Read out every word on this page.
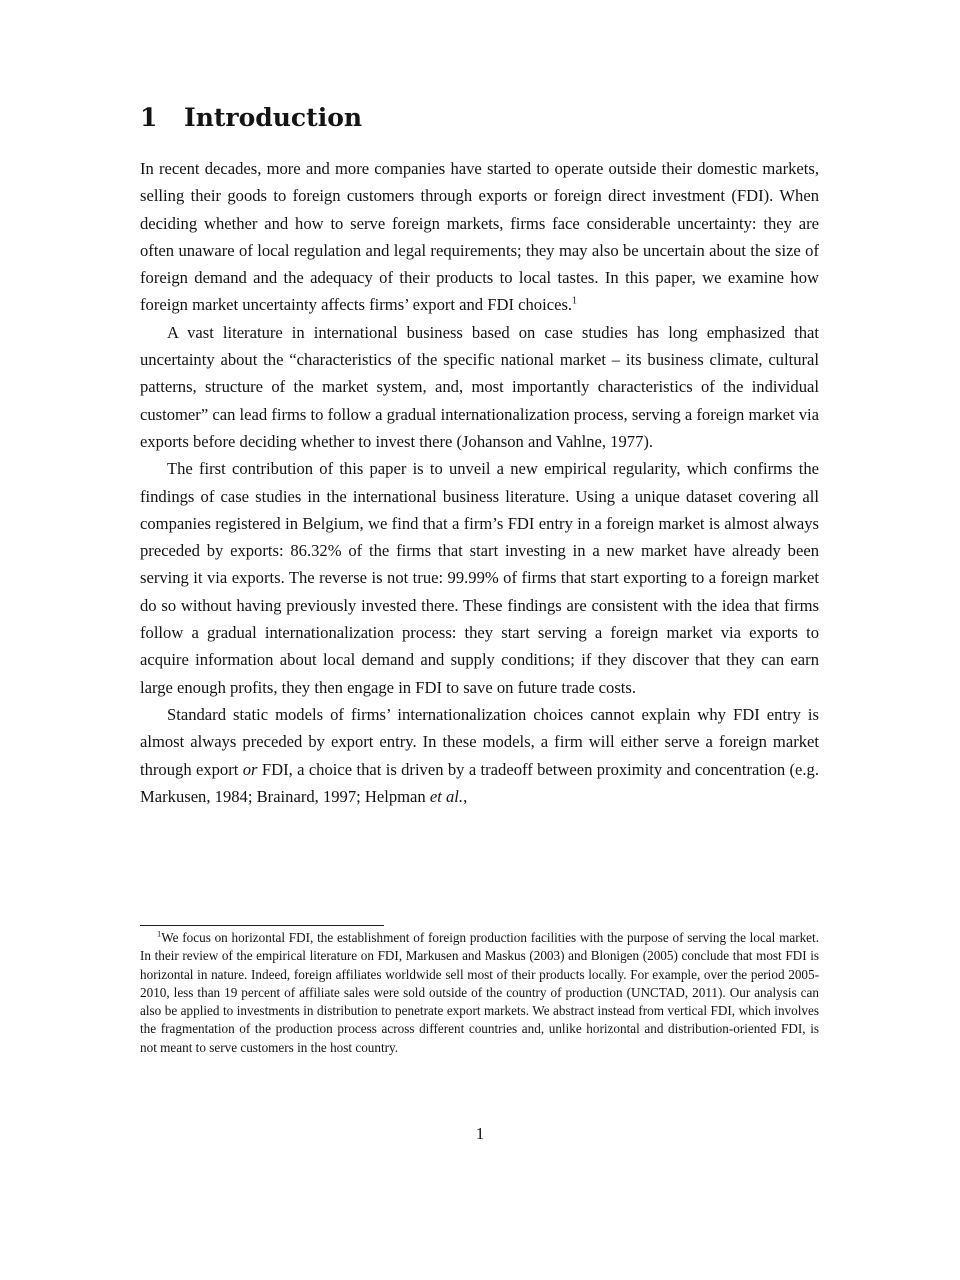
1 Introduction

In recent decades, more and more companies have started to operate outside their domestic markets, selling their goods to foreign customers through exports or foreign direct investment (FDI). When deciding whether and how to serve foreign markets, firms face considerable uncertainty: they are often unaware of local regulation and legal requirements; they may also be uncertain about the size of foreign demand and the adequacy of their products to local tastes. In this paper, we examine how foreign market uncertainty affects firms’ export and FDI choices.$^1$

A vast literature in international business based on case studies has long emphasized that uncertainty about the “characteristics of the specific national market – its business climate, cultural patterns, structure of the market system, and, most importantly characteristics of the individual customer” can lead firms to follow a gradual internationalization process, serving a foreign market via exports before deciding whether to invest there (Johanson and Vahlne, 1977).

The first contribution of this paper is to unveil a new empirical regularity, which confirms the findings of case studies in the international business literature. Using a unique dataset covering all companies registered in Belgium, we find that a firm’s FDI entry in a foreign market is almost always preceded by exports: 86.32% of the firms that start investing in a new market have already been serving it via exports. The reverse is not true: 99.99% of firms that start exporting to a foreign market do so without having previously invested there. These findings are consistent with the idea that firms follow a gradual internationalization process: they start serving a foreign market via exports to acquire information about local demand and supply conditions; if they discover that they can earn large enough profits, they then engage in FDI to save on future trade costs.

Standard static models of firms’ internationalization choices cannot explain why FDI entry is almost always preceded by export entry. In these models, a firm will either serve a foreign market through export or FDI, a choice that is driven by a tradeoff between proximity and concentration (e.g. Markusen, 1984; Brainard, 1997; Helpman et al.,

$^1$We focus on horizontal FDI, the establishment of foreign production facilities with the purpose of serving the local market. In their review of the empirical literature on FDI, Markusen and Maskus (2003) and Blonigen (2005) conclude that most FDI is horizontal in nature. Indeed, foreign affiliates worldwide sell most of their products locally. For example, over the period 2005-2010, less than 19 percent of affiliate sales were sold outside of the country of production (UNCTAD, 2011). Our analysis can also be applied to investments in distribution to penetrate export markets. We abstract instead from vertical FDI, which involves the fragmentation of the production process across different countries and, unlike horizontal and distribution-oriented FDI, is not meant to serve customers in the host country.

1
